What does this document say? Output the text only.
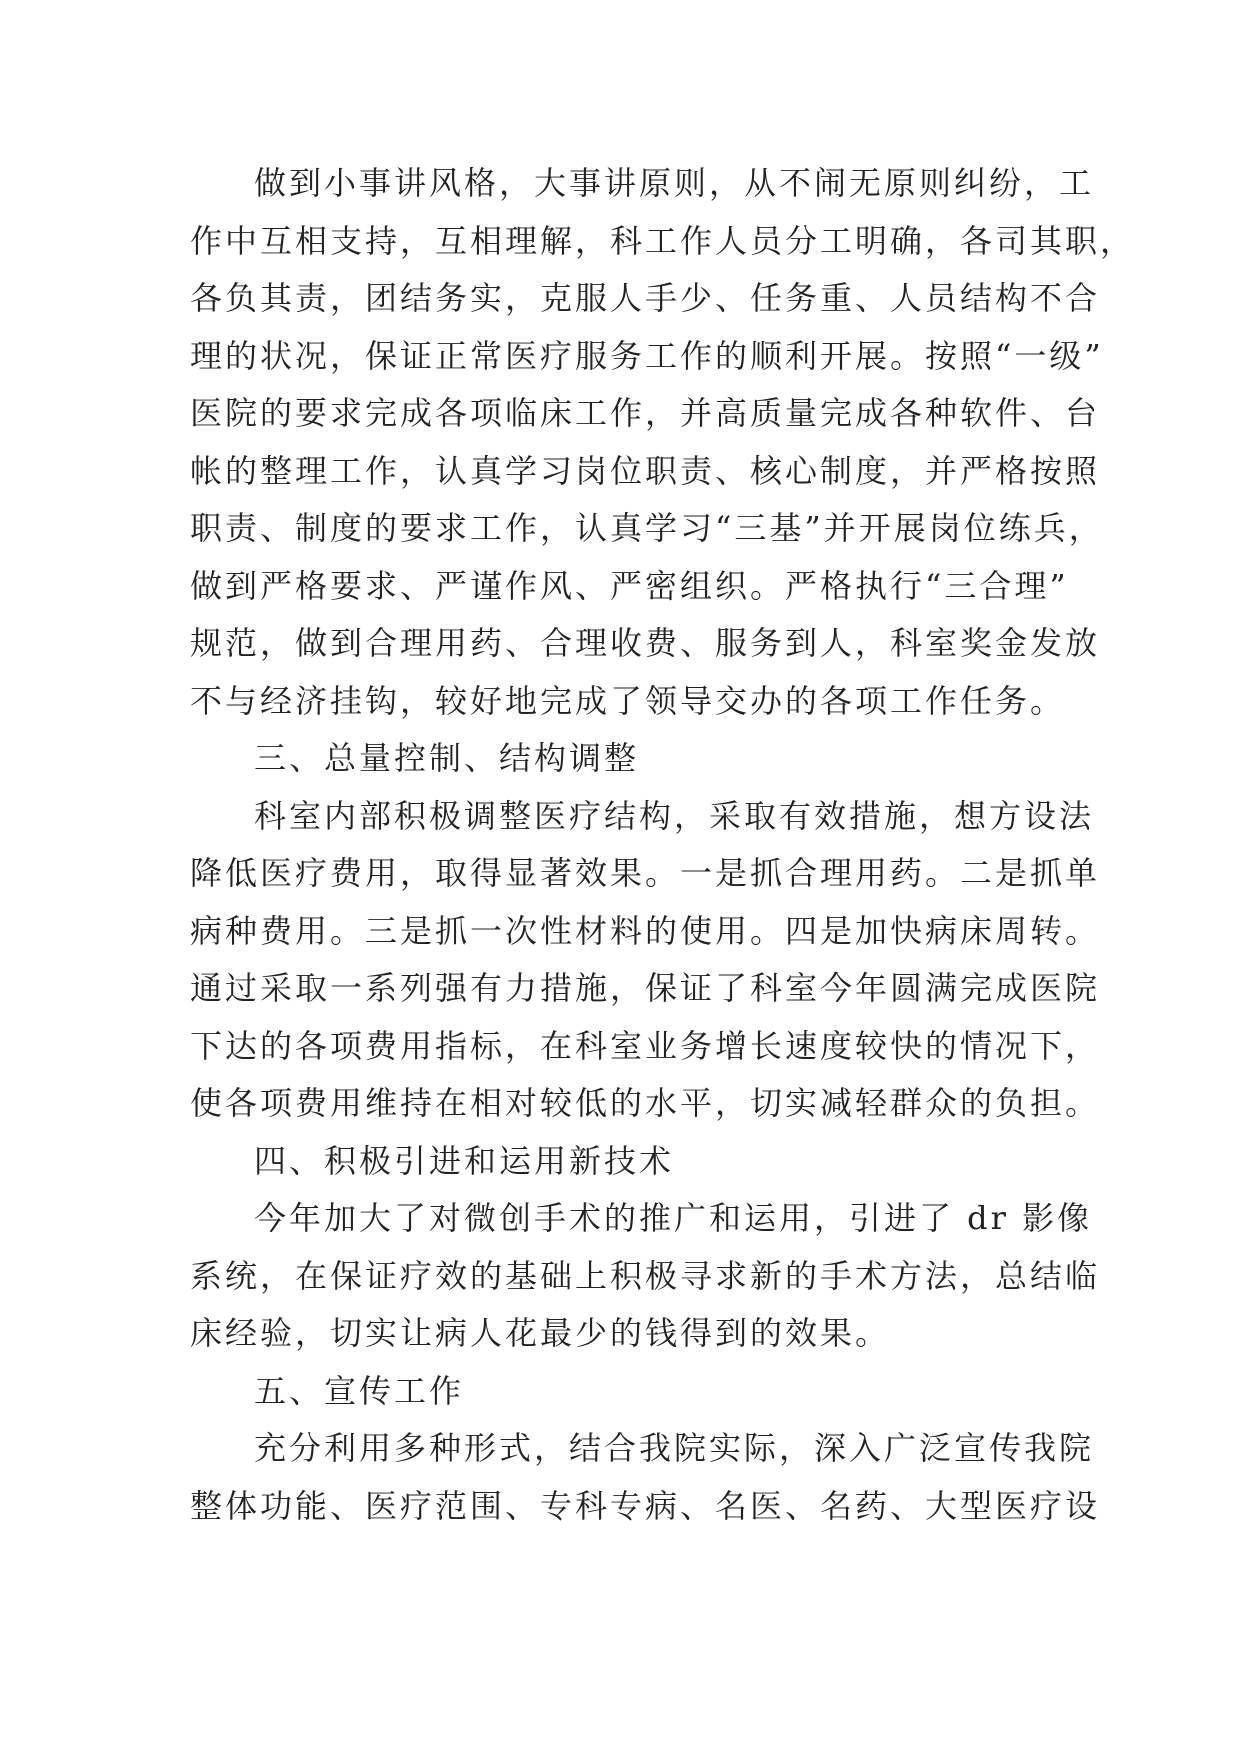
做到小事讲风格，大事讲原则，从不闹无原则纠纷，工
作中互相支持，互相理解，科工作人员分工明确，各司其职，
各负其责，团结务实，克服人手少、任务重、人员结构不合
理的状况，保证正常医疗服务工作的顺利开展。按照“一级”
医院的要求完成各项临床工作，并高质量完成各种软件、台
帐的整理工作，认真学习岗位职责、核心制度，并严格按照
职责、制度的要求工作，认真学习“三基”并开展岗位练兵，
做到严格要求、严谨作风、严密组织。严格执行“三合理”
规范，做到合理用药、合理收费、服务到人，科室奖金发放
不与经济挂钩，较好地完成了领导交办的各项工作任务。
三、总量控制、结构调整
科室内部积极调整医疗结构，采取有效措施，想方设法
降低医疗费用，取得显著效果。一是抓合理用药。二是抓单
病种费用。三是抓一次性材料的使用。四是加快病床周转。
通过采取一系列强有力措施，保证了科室今年圆满完成医院
下达的各项费用指标，在科室业务增长速度较快的情况下，
使各项费用维持在相对较低的水平，切实减轻群众的负担。
四、积极引进和运用新技术
今年加大了对微创手术的推广和运用，引进了 dr 影像
系统，在保证疗效的基础上积极寻求新的手术方法，总结临
床经验，切实让病人花最少的钱得到的效果。
五、宣传工作
充分利用多种形式，结合我院实际，深入广泛宣传我院
整体功能、医疗范围、专科专病、名医、名药、大型医疗设
